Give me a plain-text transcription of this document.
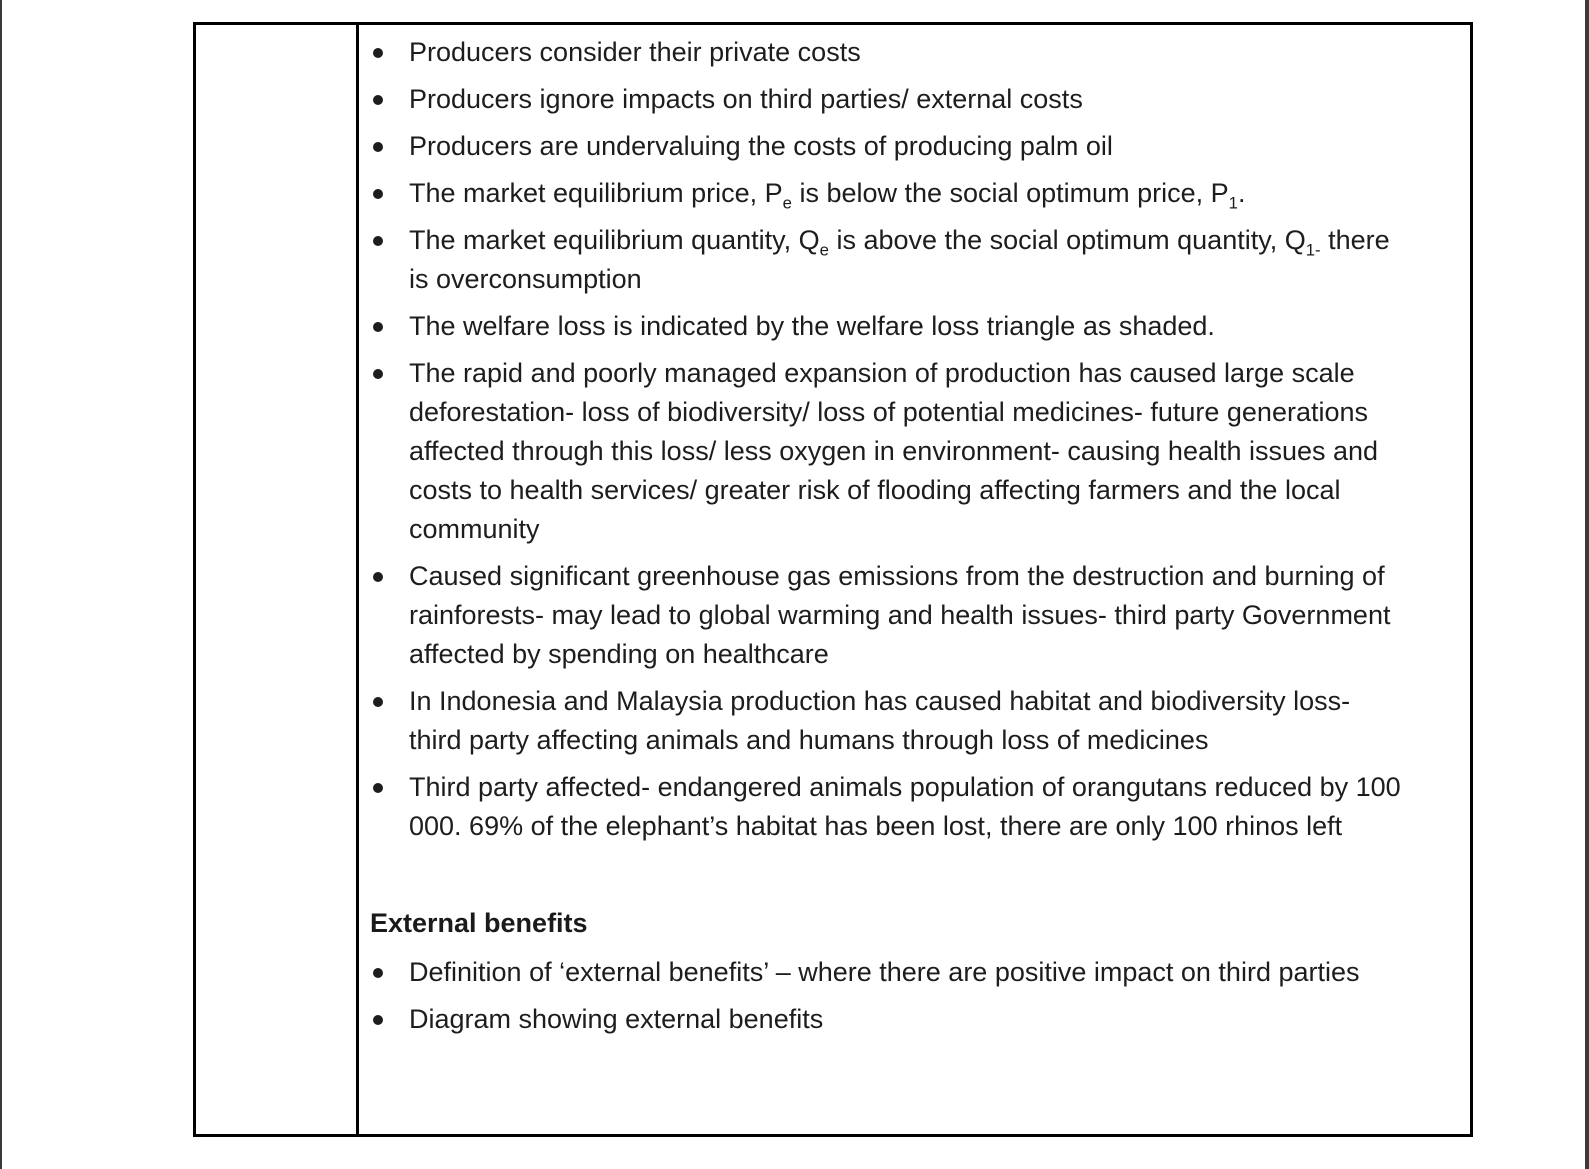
Producers consider their private costs
Producers ignore impacts on third parties/ external costs
Producers are undervaluing the costs of producing palm oil
The market equilibrium price, $P_e$ is below the social optimum price, $P_1$.
The market equilibrium quantity, $Q_e$ is above the social optimum quantity, $Q_{1-}$ there is overconsumption
The welfare loss is indicated by the welfare loss triangle as shaded.
The rapid and poorly managed expansion of production has caused large scale deforestation- loss of biodiversity/ loss of potential medicines- future generations affected through this loss/ less oxygen in environment- causing health issues and costs to health services/ greater risk of flooding affecting farmers and the local community
Caused significant greenhouse gas emissions from the destruction and burning of rainforests- may lead to global warming and health issues- third party Government affected by spending on healthcare
In Indonesia and Malaysia production has caused habitat and biodiversity loss- third party affecting animals and humans through loss of medicines
Third party affected- endangered animals population of orangutans reduced by 100 000. 69% of the elephant’s habitat has been lost, there are only 100 rhinos left
External benefits
Definition of ‘external benefits’ – where there are positive impact on third parties
Diagram showing external benefits
